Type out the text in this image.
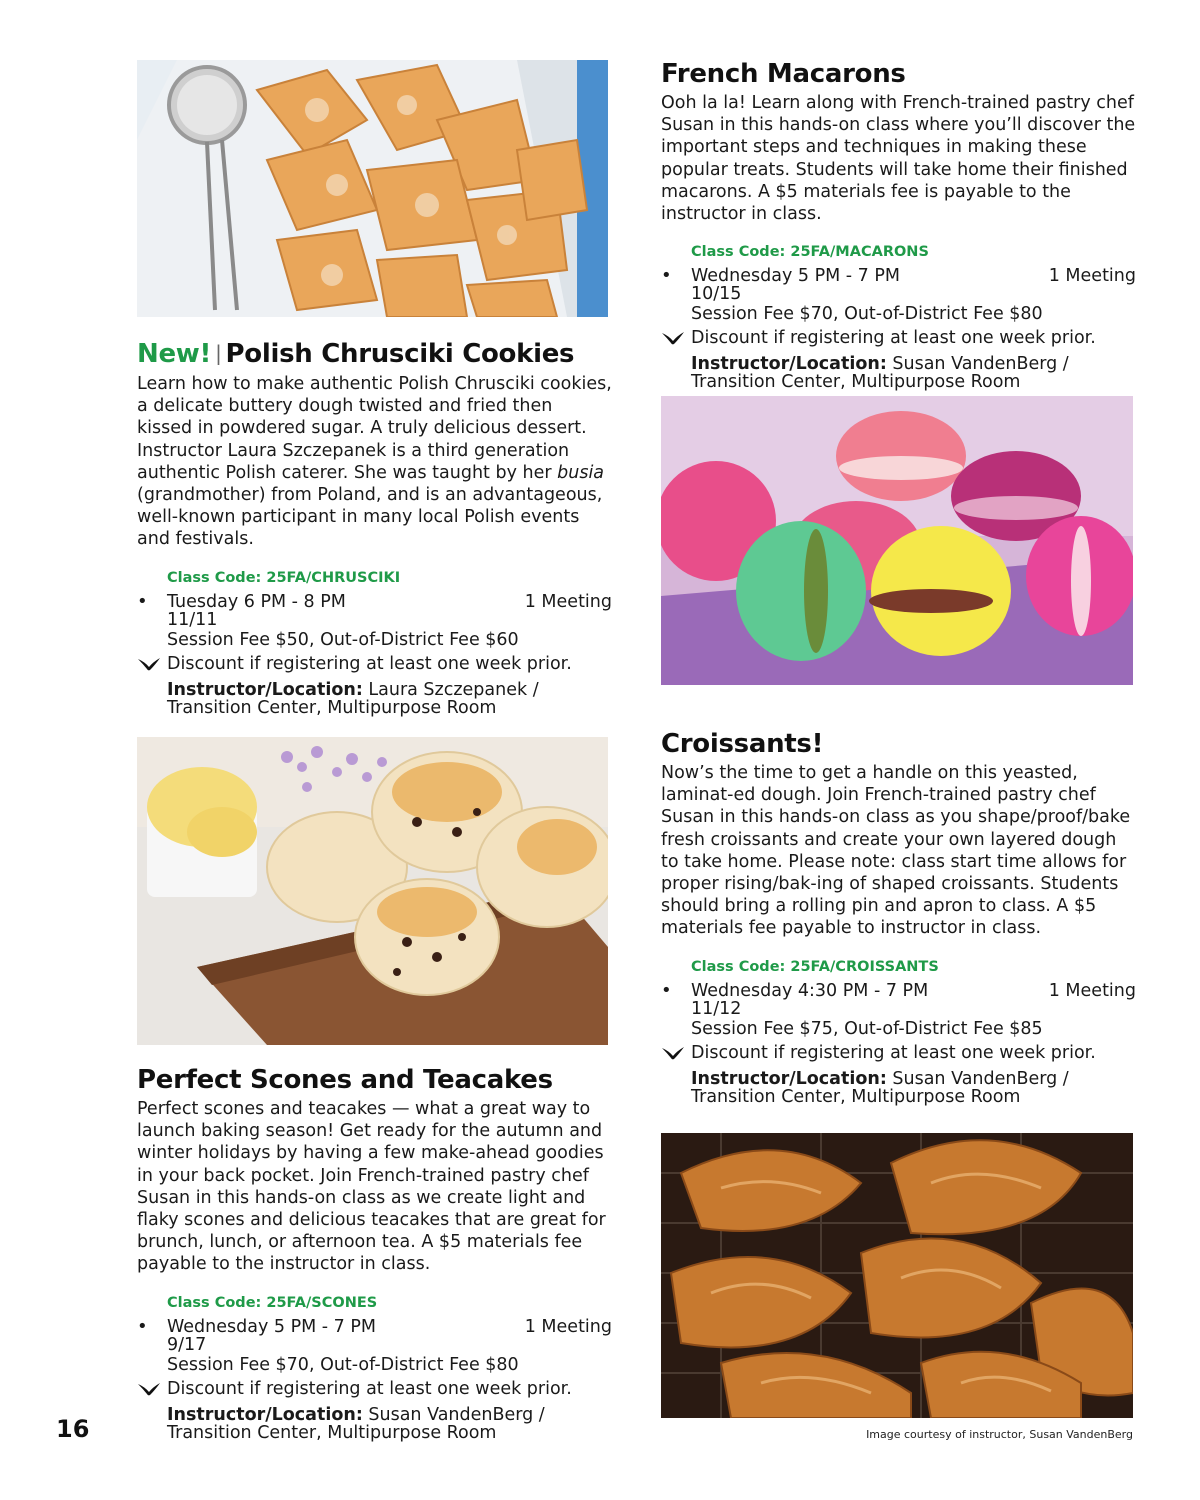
New! | Polish Chrusciki Cookies
Learn how to make authentic Polish Chrusciki cookies, a delicate buttery dough twisted and fried then kissed in powdered sugar. A truly delicious dessert. Instructor Laura Szczepanek is a third generation authentic Polish caterer. She was taught by her busia (grandmother) from Poland, and is an advantageous, well-known participant in many local Polish events and festivals.
Class Code: 25FA/CHRUSCIKI
• Tuesday 6 PM - 8 PM	1 Meeting
11/11
Session Fee $50, Out-of-District Fee $60
Discount if registering at least one week prior.
Instructor/Location: Laura Szczepanek /
Transition Center, Multipurpose Room
Perfect Scones and Teacakes
Perfect scones and teacakes — what a great way to launch baking season! Get ready for the autumn and winter holidays by having a few make-ahead goodies in your back pocket. Join French-trained pastry chef Susan in this hands-on class as we create light and flaky scones and delicious teacakes that are great for brunch, lunch, or afternoon tea. A $5 materials fee payable to the instructor in class.
Class Code: 25FA/SCONES
• Wednesday 5 PM - 7 PM	1 Meeting
9/17
Session Fee $70, Out-of-District Fee $80
Discount if registering at least one week prior.
Instructor/Location: Susan VandenBerg /
Transition Center, Multipurpose Room
French Macarons
Ooh la la! Learn along with French-trained pastry chef Susan in this hands-on class where you’ll discover the important steps and techniques in making these popular treats. Students will take home their finished macarons. A $5 materials fee is payable to the instructor in class.
Class Code: 25FA/MACARONS
• Wednesday 5 PM - 7 PM	1 Meeting
10/15
Session Fee $70, Out-of-District Fee $80
Discount if registering at least one week prior.
Instructor/Location: Susan VandenBerg /
Transition Center, Multipurpose Room
Croissants!
Now’s the time to get a handle on this yeasted, laminat-ed dough. Join French-trained pastry chef Susan in this hands-on class as you shape/proof/bake fresh croissants and create your own layered dough to take home. Please note: class start time allows for proper rising/bak-ing of shaped croissants. Students should bring a rolling pin and apron to class. A $5 materials fee payable to instructor in class.
Class Code: 25FA/CROISSANTS
• Wednesday 4:30 PM - 7 PM	1 Meeting
11/12
Session Fee $75, Out-of-District Fee $85
Discount if registering at least one week prior.
Instructor/Location: Susan VandenBerg /
Transition Center, Multipurpose Room
16	Image courtesy of instructor, Susan VandenBerg
